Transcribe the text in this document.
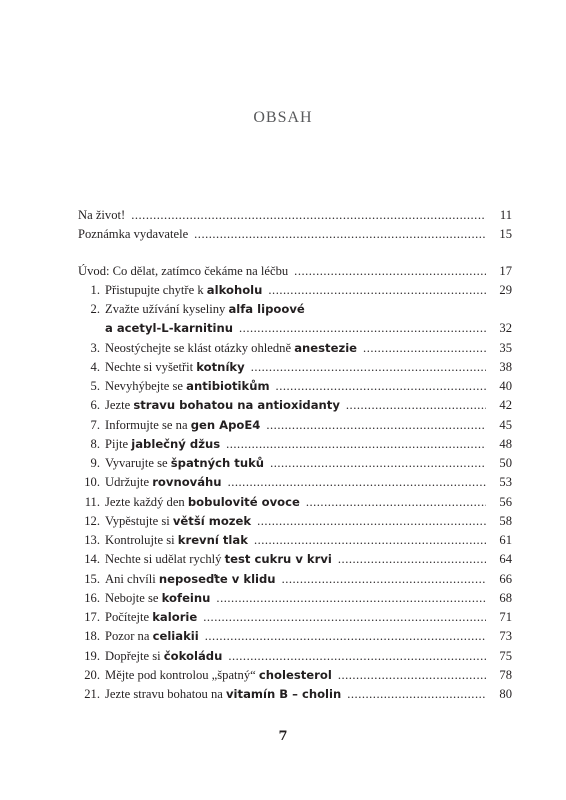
OBSAH
Na život! .....	11
Poznámka vydavatele .....	15
Úvod: Co dělat, zatímco čekáme na léčbu .....	17
1. Přistupujte chytře k alkoholu .....	29
2. Zvažte užívání kyseliny alfa lipoové
a acetyl-L-karnitinu .....	32
3. Neostýchejte se klást otázky ohledně anestezie .....	35
4. Nechte si vyšetřit kotníky .....	38
5. Nevyhýbejte se antibiotikům .....	40
6. Jezte stravu bohatou na antioxidanty .....	42
7. Informujte se na gen ApoE4 .....	45
8. Pijte jablečný džus .....	48
9. Vyvarujte se špatných tuků .....	50
10. Udržujte rovnováhu .....	53
11. Jezte každý den bobulovité ovoce .....	56
12. Vypěstujte si větší mozek .....	58
13. Kontrolujte si krevní tlak .....	61
14. Nechte si udělat rychlý test cukru v krvi .....	64
15. Ani chvíli neposeďte v klidu .....	66
16. Nebojte se kofeinu .....	68
17. Počítejte kalorie .....	71
18. Pozor na celiakii .....	73
19. Dopřejte si čokoládu .....	75
20. Mějte pod kontrolou „špatný“ cholesterol .....	78
21. Jezte stravu bohatou na vitamín B – cholin .....	80
7
